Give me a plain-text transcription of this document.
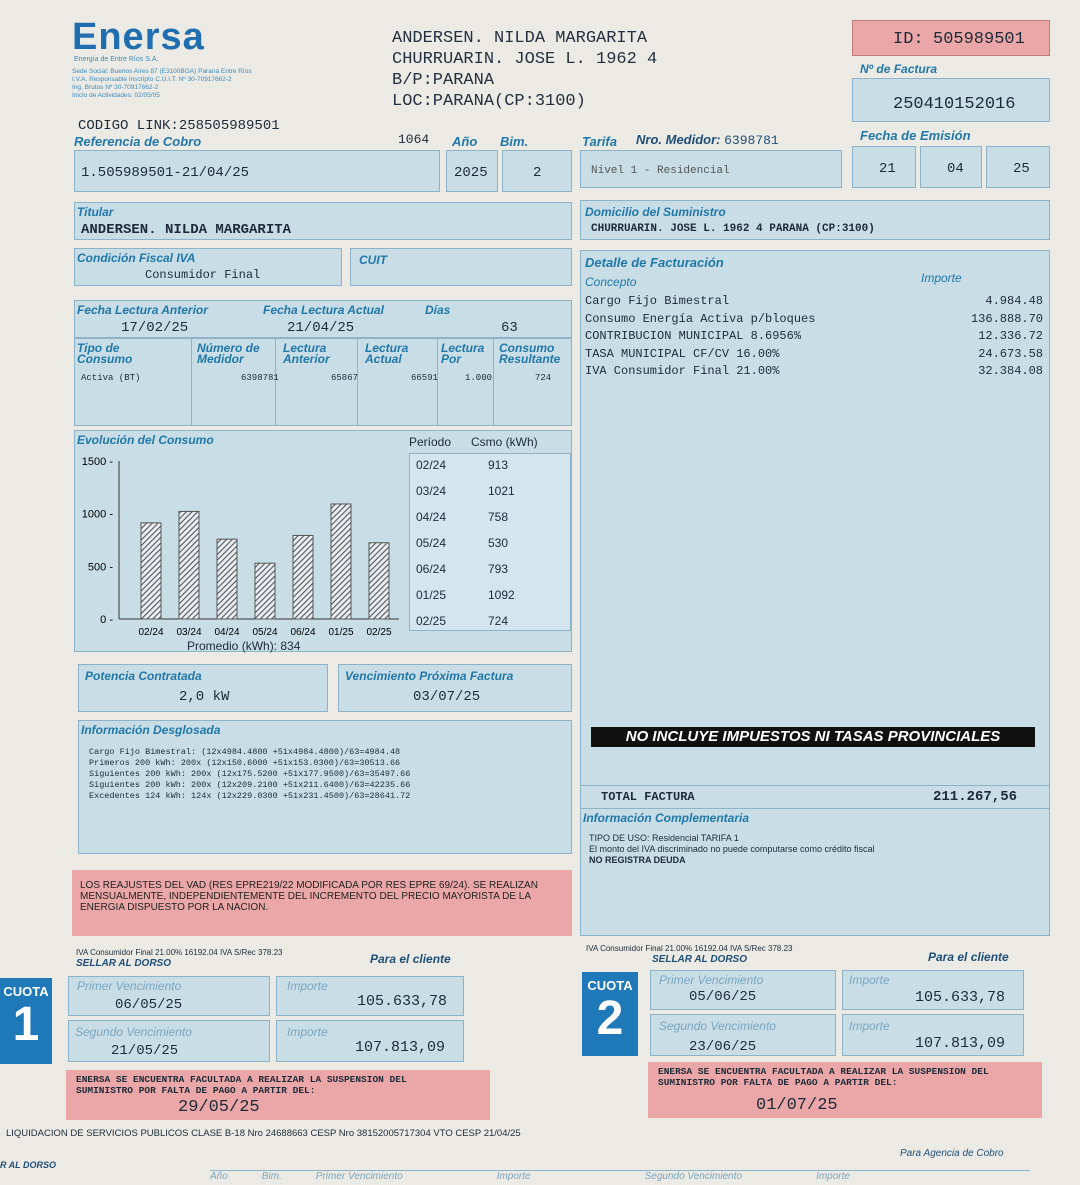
Enersa
Energía de Entre Ríos S.A.
Sede Social: Buenos Aires 87 (E3100BGA) Paraná Entre Ríos
I.V.A. Responsable Inscripto C.U.I.T. Nº 30-70917662-2
Ing. Brutos Nº 30-70917662-2
Inicio de Actividades: 02/05/05
ANDERSEN. NILDA MARGARITA
CHURRUARIN. JOSE L. 1962 4
B/P:PARANA
LOC:PARANA(CP:3100)
ID: 505989501
Nº de Factura
250410152016
CODIGO LINK:258505989501
Referencia de Cobro	1064 Año Bim.	Tarifa Nro. Medidor: 6398781	Fecha de Emisión
1.505989501-21/04/25	2025	2	Nivel 1 - Residencial	21	04	25
Titular
ANDERSEN. NILDA MARGARITA
Domicilio del Suministro
CHURRUARIN. JOSE L. 1962 4 PARANA (CP:3100)
Condición Fiscal IVA
Consumidor Final
CUIT
Fecha Lectura Anterior
17/02/25
Fecha Lectura Actual
21/04/25
Días
63
Tipo de Consumo
Número de Medidor
Lectura Anterior
Lectura Actual
Lectura Por
Consumo Resultante
Activa (BT)	6398781	65867	66591	1.000	724
Detalle de Facturación
Concepto	Importe
Cargo Fijo Bimestral	4.984.48
Consumo Energía Activa p/bloques	136.888.70
CONTRIBUCION MUNICIPAL 8.6956%	12.336.72
TASA MUNICIPAL CF/CV 16.00%	24.673.58
IVA Consumidor Final 21.00%	32.384.08
NO INCLUYE IMPUESTOS NI TASAS PROVINCIALES
TOTAL FACTURA	211.267,56
Información Complementaria
TIPO DE USO: Residencial TARIFA 1
El monto del IVA discriminado no puede computarse como crédito fiscal
NO REGISTRA DEUDA
Evolución del Consumo	Período Csmo (kWh)
1500 -
1000 -
500 -
0 -
02/24 03/24 04/24 05/24 06/24 01/25 02/25
02/24	913
03/24	1021
04/24	758
05/24	530
06/24	793
01/25	1092
02/25	724
Promedio (kWh): 834
Potencia Contratada
2,0 kW
Vencimiento Próxima Factura
03/07/25
Información Desglosada
Cargo Fijo Bimestral: (12x4984.4800 +51x4984.4800)/63=4984.48
Primeros 200 kWh: 200x (12x150.6000 +51x153.0300)/63=30513.66
Siguientes 200 kWh: 200x (12x175.5200 +51x177.9500)/63=35497.66
Siguientes 200 kWh: 200x (12x209.2100 +51x211.6400)/63=42235.66
Excedentes 124 kWh: 124x (12x229.0300 +51x231.4500)/63=28641.72
LOS REAJUSTES DEL VAD (RES EPRE219/22 MODIFICADA POR RES EPRE 69/24). SE REALIZAN MENSUALMENTE, INDEPENDIENTEMENTE DEL INCREMENTO DEL PRECIO MAYORISTA DE LA ENERGIA DISPUESTO POR LA NACION.
IVA Consumidor Final 21.00% 16192.04 IVA S/Rec 378.23
SELLAR AL DORSO	Para el cliente
CUOTA
1
Primer Vencimiento
06/05/25
Importe
105.633,78
Segundo Vencimiento
21/05/25
Importe
107.813,09
ENERSA SE ENCUENTRA FACULTADA A REALIZAR LA SUSPENSION DEL SUMINISTRO POR FALTA DE PAGO A PARTIR DEL:
29/05/25
IVA Consumidor Final 21.00% 16192.04 IVA S/Rec 378.23
SELLAR AL DORSO	Para el cliente
CUOTA
2
Primer Vencimiento
05/06/25
Importe
105.633,78
Segundo Vencimiento
23/06/25
Importe
107.813,09
ENERSA SE ENCUENTRA FACULTADA A REALIZAR LA SUSPENSION DEL SUMINISTRO POR FALTA DE PAGO A PARTIR DEL:
01/07/25
LIQUIDACION DE SERVICIOS PUBLICOS CLASE B-18 Nro 24688663 CESP Nro 38152005717304 VTO CESP 21/04/25
R AL DORSO
Para Agencia de Cobro
Año	Bim.	Primer Vencimiento	Importe	Segundo Vencimiento	Importe
